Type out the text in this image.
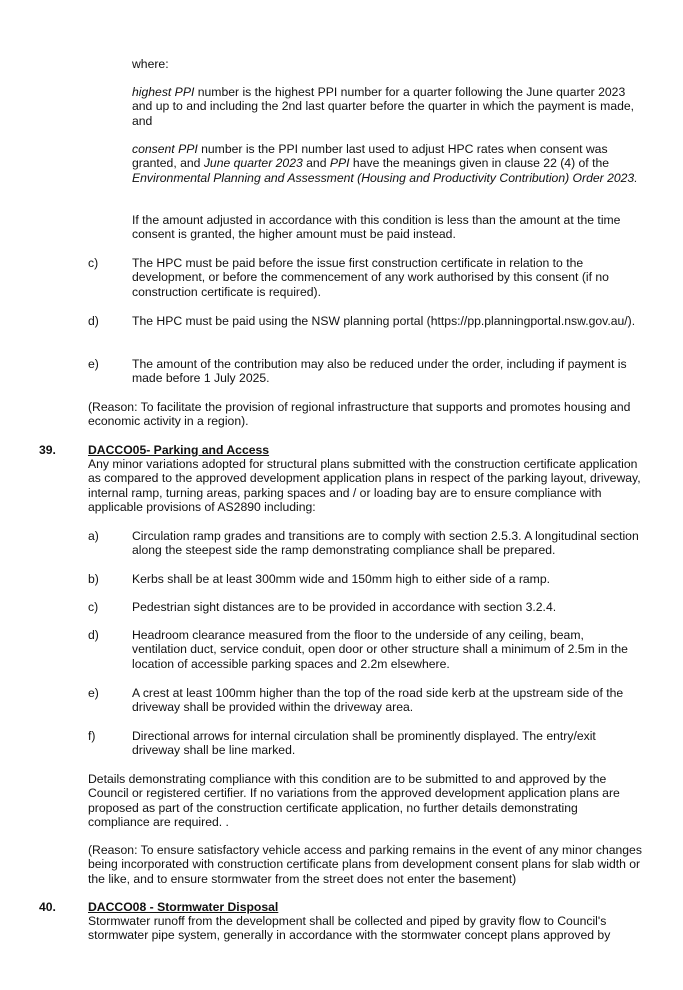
where:

highest PPI number is the highest PPI number for a quarter following the June quarter 2023 and up to and including the 2nd last quarter before the quarter in which the payment is made, and

consent PPI number is the PPI number last used to adjust HPC rates when consent was granted, and June quarter 2023 and PPI have the meanings given in clause 22 (4) of the Environmental Planning and Assessment (Housing and Productivity Contribution) Order 2023.

If the amount adjusted in accordance with this condition is less than the amount at the time consent is granted, the higher amount must be paid instead.

c)	The HPC must be paid before the issue first construction certificate in relation to the development, or before the commencement of any work authorised by this consent (if no construction certificate is required).

d)	The HPC must be paid using the NSW planning portal (https://pp.planningportal.nsw.gov.au/).

e)	The amount of the contribution may also be reduced under the order, including if payment is made before 1 July 2025.

(Reason: To facilitate the provision of regional infrastructure that supports and promotes housing and economic activity in a region).

39.	DACCO05- Parking and Access

Any minor variations adopted for structural plans submitted with the construction certificate application as compared to the approved development application plans in respect of the parking layout, driveway, internal ramp, turning areas, parking spaces and / or loading bay are to ensure compliance with applicable provisions of AS2890 including:

a)	Circulation ramp grades and transitions are to comply with section 2.5.3. A longitudinal section along the steepest side the ramp demonstrating compliance shall be prepared.

b)	Kerbs shall be at least 300mm wide and 150mm high to either side of a ramp.

c)	Pedestrian sight distances are to be provided in accordance with section 3.2.4.

d)	Headroom clearance measured from the floor to the underside of any ceiling, beam, ventilation duct, service conduit, open door or other structure shall a minimum of 2.5m in the location of accessible parking spaces and 2.2m elsewhere.

e)	A crest at least 100mm higher than the top of the road side kerb at the upstream side of the driveway shall be provided within the driveway area.

f)	Directional arrows for internal circulation shall be prominently displayed. The entry/exit driveway shall be line marked.

Details demonstrating compliance with this condition are to be submitted to and approved by the Council or registered certifier. If no variations from the approved development application plans are proposed as part of the construction certificate application, no further details demonstrating compliance are required. .

(Reason: To ensure satisfactory vehicle access and parking remains in the event of any minor changes being incorporated with construction certificate plans from development consent plans for slab width or the like, and to ensure stormwater from the street does not enter the basement)

40.	DACCO08 - Stormwater Disposal

Stormwater runoff from the development shall be collected and piped by gravity flow to Council's stormwater pipe system, generally in accordance with the stormwater concept plans approved by
